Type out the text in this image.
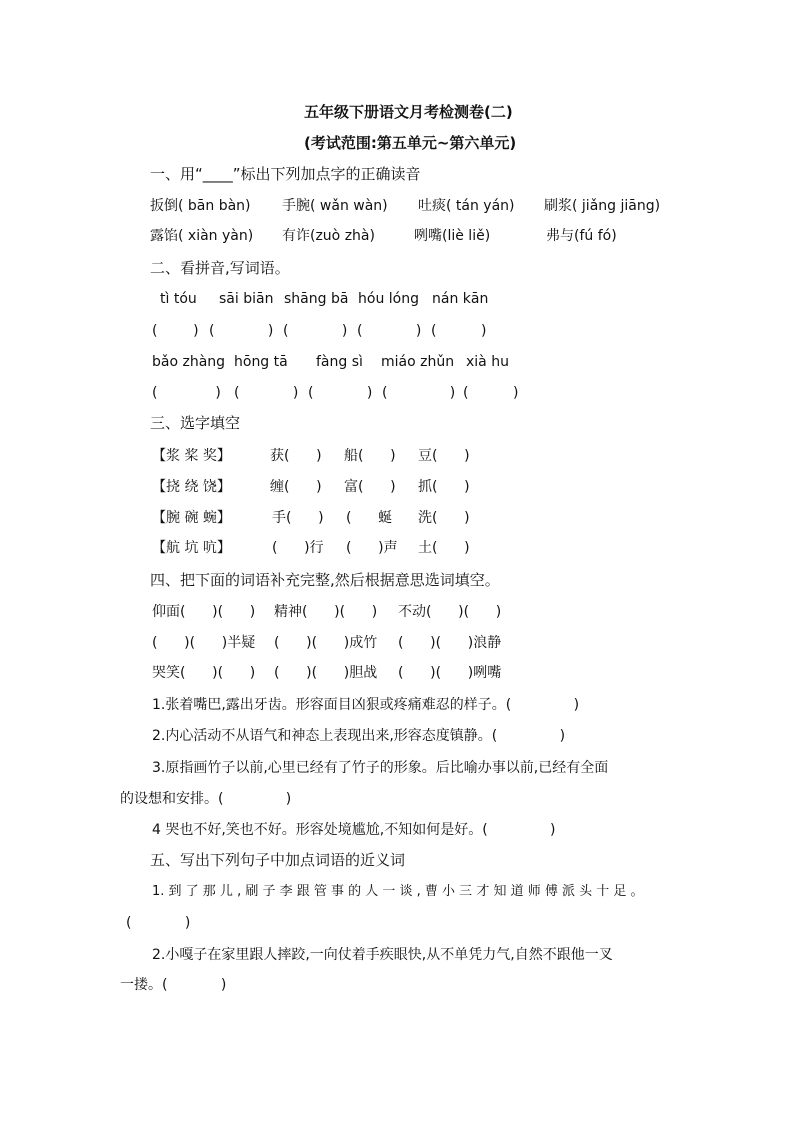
五年级下册语文月考检测卷(二)
(考试范围:第五单元~第六单元)
一、用“____”标出下列加点字的正确读音
扳倒( bān bàn) 手腕( wǎn wàn) 吐痰( tán yán) 刷浆( jiǎng jiāng)
露馅( xiàn yàn) 有诈(zuò zhà)	咧嘴(liè liě)	弗与(fú fó)
二、看拼音,写词语。
tì tóu sāi biān shāng bā hóu lóng nán kān
(        ) (            ) (            ) (            ) (          )
bǎo zhàng hōng tā fàng sì miáo zhǔn xià hu
(             ) (            ) (            ) (              ) (          )
三、选字填空
【浆 桨 奖】	获(      ) 船(      ) 豆(      )
【挠 绕 饶】	缠(      ) 富(      ) 抓(      )
【腕 碗 蜿】	手(      ) (      蜒 洗(      )
【航 坑 吭】	(      )行 (      )声 土(      )
四、把下面的词语补充完整,然后根据意思选词填空。
仰面(      )(      ) 精神(      )(      ) 不动(      )(      )
(      )(      )半疑 (      )(      )成竹 (      )(      )浪静
哭笑(      )(      ) (      )(      )胆战 (      )(      )咧嘴
1.张着嘴巴,露出牙齿。形容面目凶狠或疼痛难忍的样子。(              )
2.内心活动不从语气和神态上表现出来,形容态度镇静。(              )
3.原指画竹子以前,心里已经有了竹子的形象。后比喻办事以前,已经有全面
的设想和安排。(              )
4 哭也不好,笑也不好。形容处境尴尬,不知如何是好。(              )
五、写出下列句子中加点词语的近义词
1. 到 了 那 儿 , 刷 子 李 跟 管 事 的 人 一 谈 , 曹 小 三 才 知 道 师 傅 派 头 十 足 。
(            )
2.小嘎子在家里跟人摔跤,一向仗着手疾眼快,从不单凭力气,自然不跟他一叉
一搂。(            )
